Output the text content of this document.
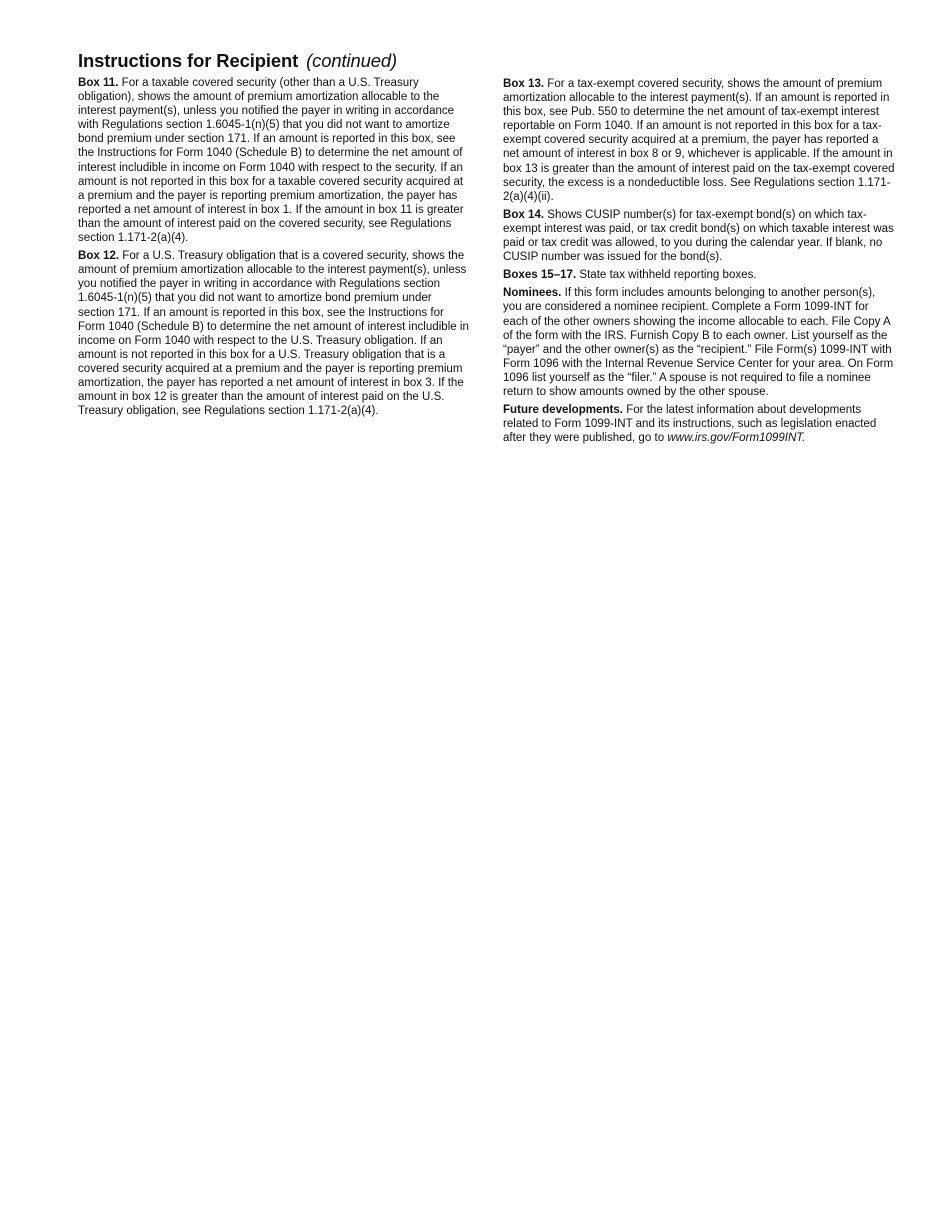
Instructions for Recipient (continued)

Box 11. For a taxable covered security (other than a U.S. Treasury obligation), shows the amount of premium amortization allocable to the interest payment(s), unless you notified the payer in writing in accordance with Regulations section 1.6045-1(n)(5) that you did not want to amortize bond premium under section 171. If an amount is reported in this box, see the Instructions for Form 1040 (Schedule B) to determine the net amount of interest includible in income on Form 1040 with respect to the security. If an amount is not reported in this box for a taxable covered security acquired at a premium and the payer is reporting premium amortization, the payer has reported a net amount of interest in box 1. If the amount in box 11 is greater than the amount of interest paid on the covered security, see Regulations section 1.171-2(a)(4).

Box 12. For a U.S. Treasury obligation that is a covered security, shows the amount of premium amortization allocable to the interest payment(s), unless you notified the payer in writing in accordance with Regulations section 1.6045-1(n)(5) that you did not want to amortize bond premium under section 171. If an amount is reported in this box, see the Instructions for Form 1040 (Schedule B) to determine the net amount of interest includible in income on Form 1040 with respect to the U.S. Treasury obligation. If an amount is not reported in this box for a U.S. Treasury obligation that is a covered security acquired at a premium and the payer is reporting premium amortization, the payer has reported a net amount of interest in box 3. If the amount in box 12 is greater than the amount of interest paid on the U.S. Treasury obligation, see Regulations section 1.171-2(a)(4).

Box 13. For a tax-exempt covered security, shows the amount of premium amortization allocable to the interest payment(s). If an amount is reported in this box, see Pub. 550 to determine the net amount of tax-exempt interest reportable on Form 1040. If an amount is not reported in this box for a tax-exempt covered security acquired at a premium, the payer has reported a net amount of interest in box 8 or 9, whichever is applicable. If the amount in box 13 is greater than the amount of interest paid on the tax-exempt covered security, the excess is a nondeductible loss. See Regulations section 1.171-2(a)(4)(ii).

Box 14. Shows CUSIP number(s) for tax-exempt bond(s) on which tax-exempt interest was paid, or tax credit bond(s) on which taxable interest was paid or tax credit was allowed, to you during the calendar year. If blank, no CUSIP number was issued for the bond(s).

Boxes 15–17. State tax withheld reporting boxes.

Nominees. If this form includes amounts belonging to another person(s), you are considered a nominee recipient. Complete a Form 1099-INT for each of the other owners showing the income allocable to each. File Copy A of the form with the IRS. Furnish Copy B to each owner. List yourself as the “payer” and the other owner(s) as the “recipient.” File Form(s) 1099-INT with Form 1096 with the Internal Revenue Service Center for your area. On Form 1096 list yourself as the “filer.” A spouse is not required to file a nominee return to show amounts owned by the other spouse.

Future developments. For the latest information about developments related to Form 1099-INT and its instructions, such as legislation enacted after they were published, go to www.irs.gov/Form1099INT.
